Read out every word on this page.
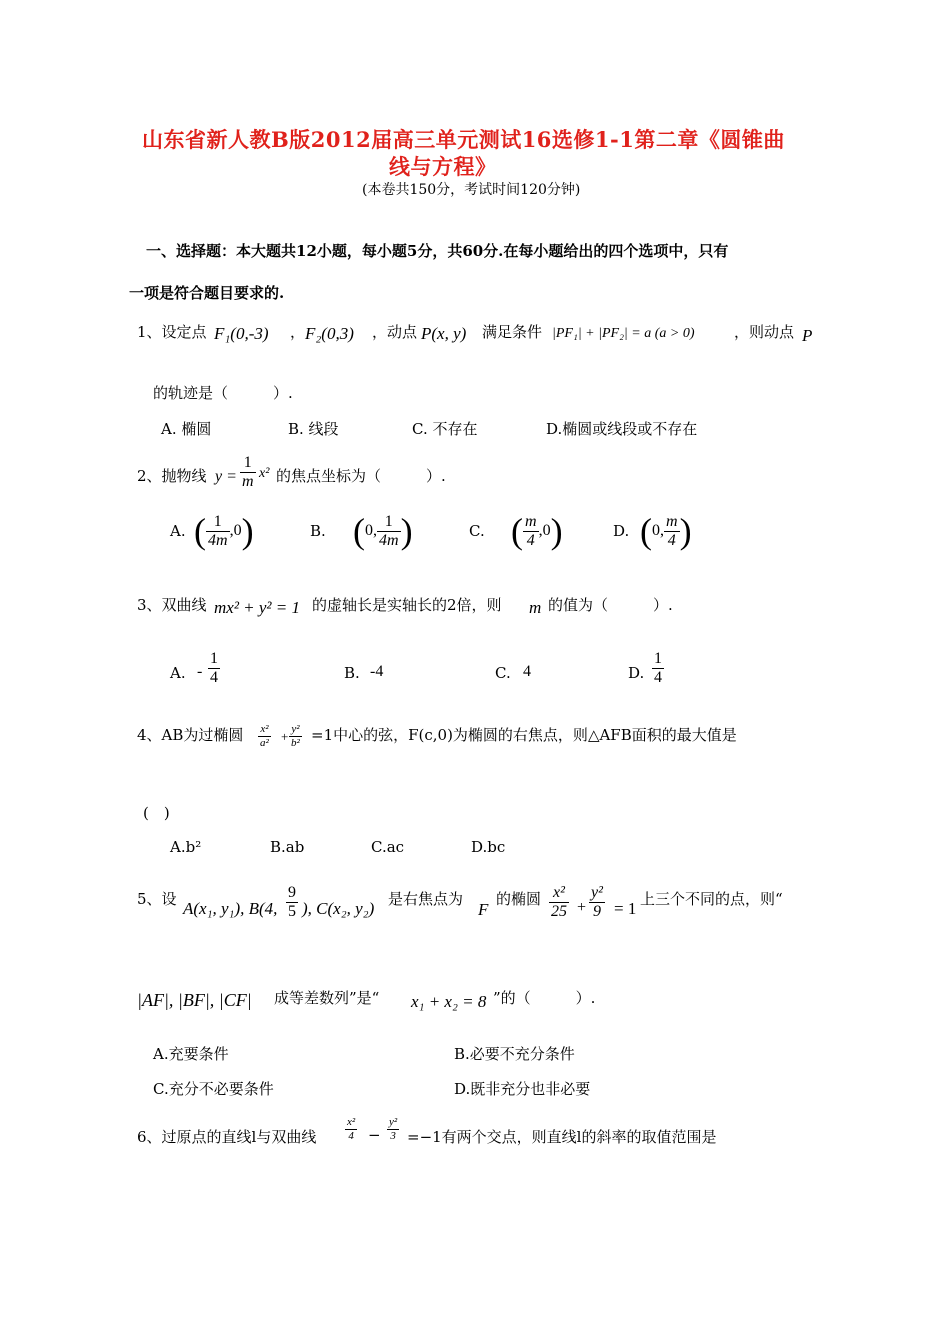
山东省新人教B版2012届高三单元测试16选修1-1第二章《圆锥曲
线与方程》
(本卷共150分，考试时间120分钟)
一、选择题：本大题共12小题，每小题5分，共60分.在每小题给出的四个选项中，只有
一项是符合题目要求的.
1、设定点 F₁(0,-3) ， F₂(0,3) ，动点 P(x, y) 满足条件 |PF₁| + |PF₂| = a (a > 0)	，则动点 P
的轨迹是（　　　）.
A. 椭圆	B. 线段	C. 不存在	D.椭圆或线段或不存在
2、抛物线 $y = \frac{1}{m} x^2$ 的焦点坐标为（　　　）.
A. ( $\frac{1}{4m} ,0$)	B. (0, $\frac{1}{4m}$ )	C. ( $\frac{m}{4} ,0$)	D. (0, $\frac{m}{4}$ )
3、双曲线 mx² + y² = 1 的虚轴长是实轴长的2倍，则 m 的值为（　　　）.
A. - $\frac{1}{4}$	B. -4	C. 4	D. $\frac{1}{4}$
4、AB为过椭圆 $\frac{\text{x²}}{\text{a²}} + \frac{\text{y²}}{\text{b²}} =1$中心的弦，F(c,0)为椭圆的右焦点，则△AFB面积的最大值是
(　)
A.b²	B.ab	C.ac	D.bc
5、设 A(x₁, y₁), B(4, $\frac{9}{5}$ ), C(x₂, y₂) 是右焦点为
F
的椭圆 $\frac{\text{x²}}{25} + \frac{\text{y²}}{9} = 1$ 上三个不同的点，则“
|AF|, |BF|, |CF| 成等差数列”是“ x₁ + x₂ = 8 ”的（　　　）.
A.充要条件	B.必要不充分条件
C.充分不必要条件	D.既非充分也非必要
6、过原点的直线l与双曲线	$\frac{\text{x²}}{4} - \frac{\text{y²}}{3} =-1$有两个交点，则直线l的斜率的取值范围是
